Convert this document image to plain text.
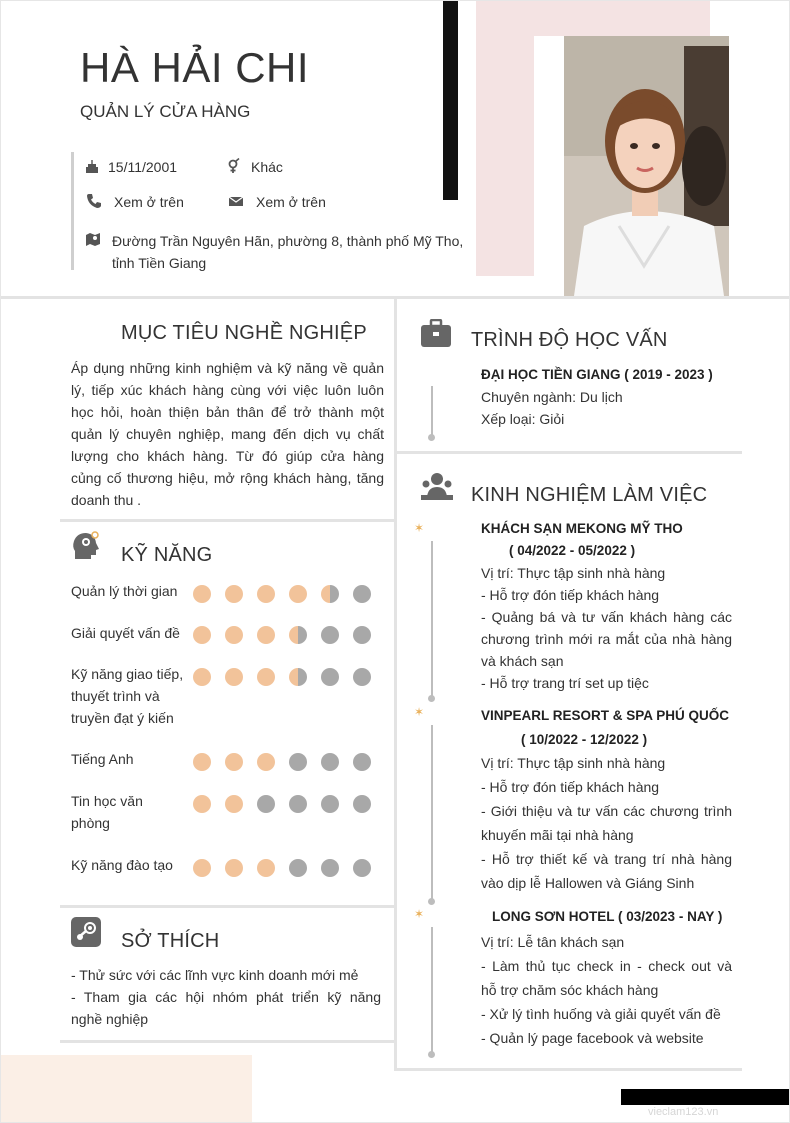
HÀ HẢI CHI
QUẢN LÝ CỬA HÀNG
15/11/2001	Khác
Xem ở trên	Xem ở trên
Đường Trần Nguyên Hãn, phường 8, thành phố Mỹ Tho,
tỉnh Tiền Giang
MỤC TIÊU NGHỀ NGHIỆP
Áp dụng những kinh nghiệm và kỹ năng về quản
lý, tiếp xúc khách hàng cùng với việc luôn luôn
học hỏi, hoàn thiện bản thân để trở thành một
quản lý chuyên nghiệp, mang đến dịch vụ chất
lượng cho khách hàng. Từ đó giúp cửa hàng
củng cố thương hiệu, mở rộng khách hàng, tăng
doanh thu .
KỸ NĂNG
Quản lý thời gian
Giải quyết vấn đề
Kỹ năng giao tiếp, thuyết trình và truyền đạt ý kiến
Tiếng Anh
Tin học văn phòng
Kỹ năng đào tạo
SỞ THÍCH
- Thử sức với các lĩnh vực kinh doanh mới mẻ
- Tham gia các hội nhóm phát triển kỹ năng
nghề nghiệp
TRÌNH ĐỘ HỌC VẤN
ĐẠI HỌC TIỀN GIANG ( 2019 - 2023 )
Chuyên ngành: Du lịch
Xếp loại: Giỏi
KINH NGHIỆM LÀM VIỆC
✶	KHÁCH SẠN MEKONG MỸ THO
( 04/2022 - 05/2022 )
Vị trí: Thực tập sinh nhà hàng
- Hỗ trợ đón tiếp khách hàng
- Quảng bá và tư vấn khách hàng các
chương trình mới ra mắt của nhà hàng
và khách sạn
- Hỗ trợ trang trí set up tiệc
✶	VINPEARL RESORT & SPA PHÚ QUỐC
( 10/2022 - 12/2022 )
Vị trí: Thực tập sinh nhà hàng
- Hỗ trợ đón tiếp khách hàng
- Giới thiệu và tư vấn các chương trình
khuyến mãi tại nhà hàng
- Hỗ trợ thiết kế và trang trí nhà hàng
vào dịp lễ Hallowen và Giáng Sinh
✶	LONG SƠN HOTEL ( 03/2023 - NAY )
Vị trí: Lễ tân khách sạn
- Làm thủ tục check in - check out và
hỗ trợ chăm sóc khách hàng
- Xử lý tình huống và giải quyết vấn đề
- Quản lý page facebook và website
vieclam123.vn
